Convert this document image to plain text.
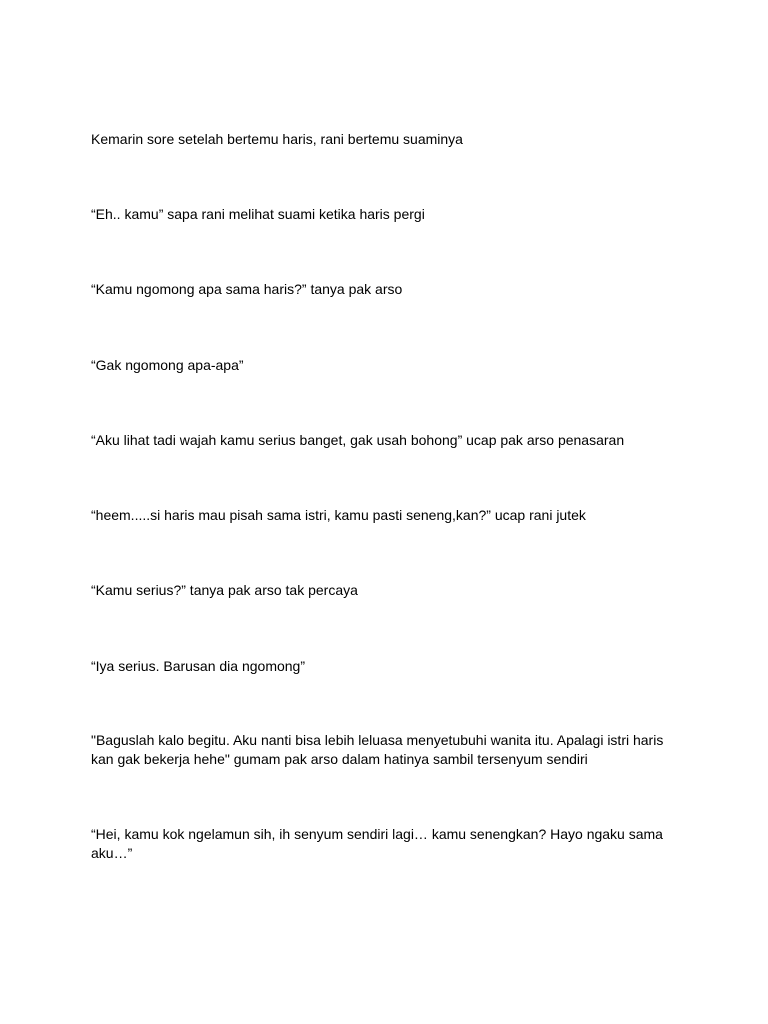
Kemarin sore setelah bertemu haris, rani bertemu suaminya

“Eh.. kamu” sapa rani melihat suami ketika haris pergi

“Kamu ngomong apa sama haris?” tanya pak arso

“Gak ngomong apa-apa”

“Aku lihat tadi wajah kamu serius banget, gak usah bohong” ucap pak arso penasaran

“heem.....si haris mau pisah sama istri, kamu pasti seneng,kan?” ucap rani jutek

“Kamu serius?” tanya pak arso tak percaya

“Iya serius. Barusan dia ngomong”

"Baguslah kalo begitu. Aku nanti bisa lebih leluasa menyetubuhi wanita itu. Apalagi istri haris kan gak bekerja hehe" gumam pak arso dalam hatinya sambil tersenyum sendiri

“Hei, kamu kok ngelamun sih, ih senyum sendiri lagi… kamu senengkan? Hayo ngaku sama aku…”
